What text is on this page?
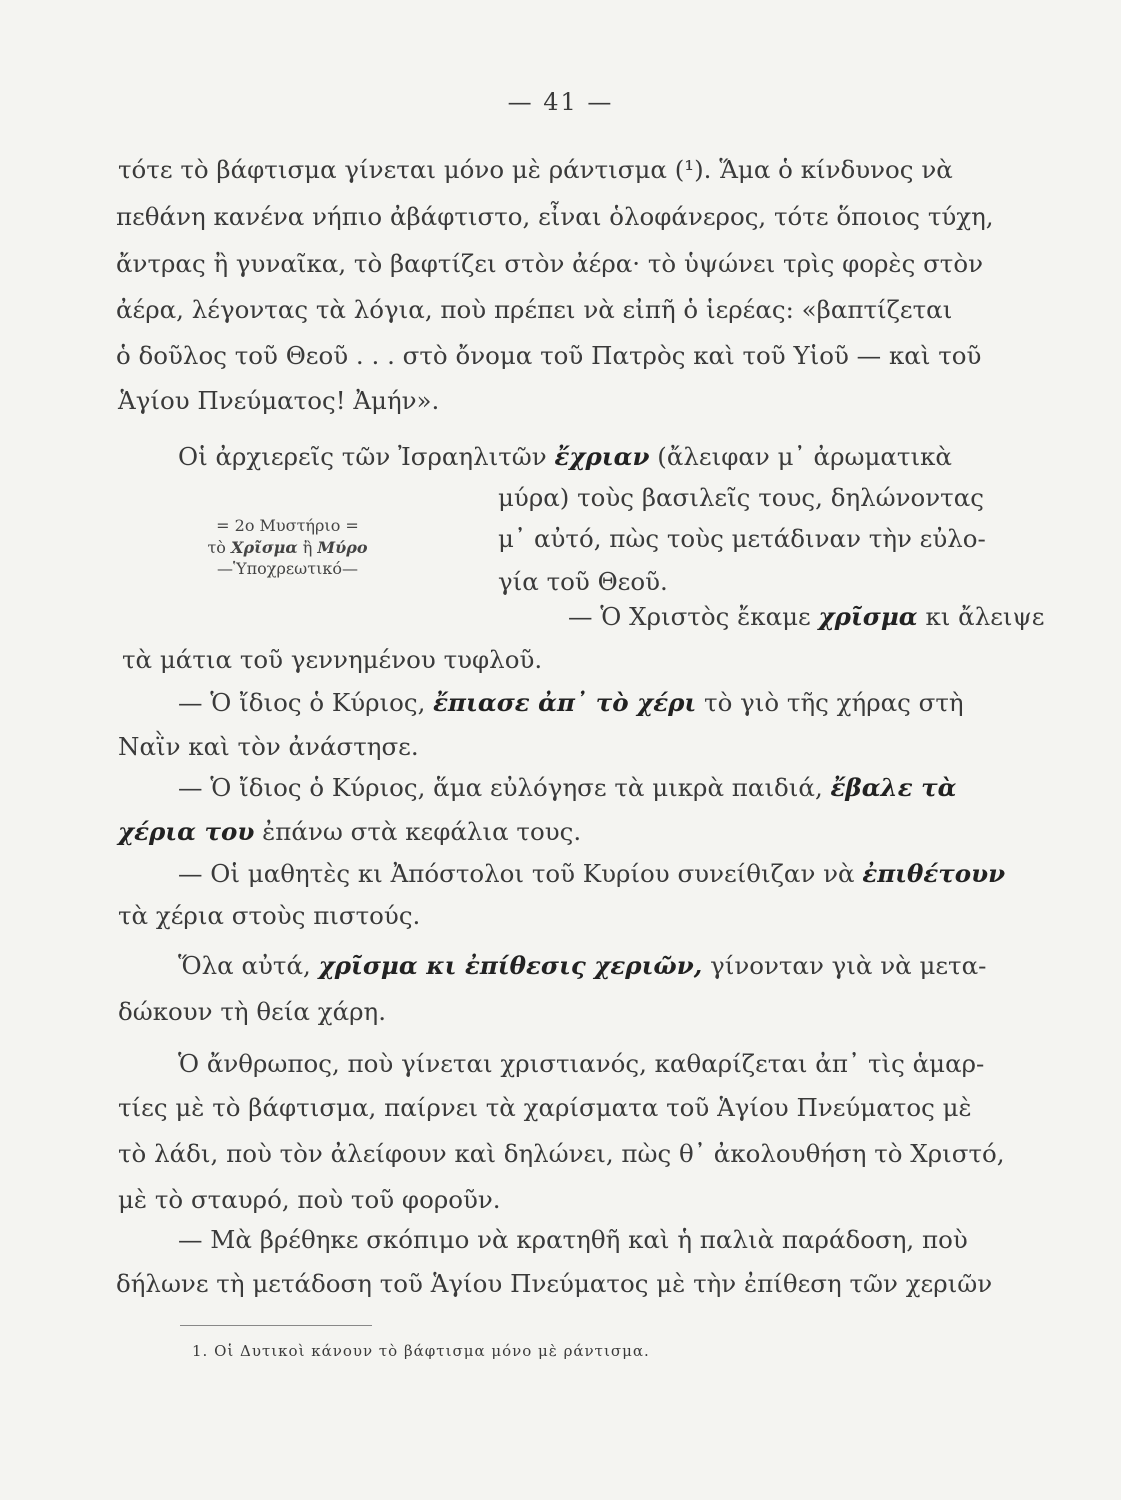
— 41 —
τότε τὸ βάφτισμα γίνεται μόνο μὲ ράντισμα (¹). Ἅμα ὁ κίνδυνος νὰ
πεθάνη κανένα νήπιο ἀβάφτιστο, εἶναι ὁλοφάνερος, τότε ὅποιος τύχη,
ἄντρας ἢ γυναῖκα, τὸ βαφτίζει στὸν ἀέρα· τὸ ὑψώνει τρὶς φορὲς στὸν
ἀέρα, λέγοντας τὰ λόγια, ποὺ πρέπει νὰ εἰπῆ ὁ ἱερέας: «βαπτίζεται
ὁ δοῦλος τοῦ Θεοῦ . . . στὸ ὄνομα τοῦ Πατρὸς καὶ τοῦ Υἱοῦ — καὶ τοῦ
Ἁγίου Πνεύματος! Ἀμήν».
Οἱ ἀρχιερεῖς τῶν Ἰσραηλιτῶν ἔχριαν (ἄλειφαν μ᾿ ἀρωματικὰ
μύρα) τοὺς βασιλεῖς τους, δηλώνοντας
μ᾿ αὐτό, πὼς τοὺς μετάδιναν τὴν εὐλο-
γία τοῦ Θεοῦ.
— Ὁ Χριστὸς ἔκαμε χρῖσμα κι ἄλειψε
τὰ μάτια τοῦ γεννημένου τυφλοῦ.
— Ὁ ἴδιος ὁ Κύριος, ἔπιασε ἀπ᾿ τὸ χέρι τὸ γιὸ τῆς χήρας στὴ
Ναῒν καὶ τὸν ἀνάστησε.
— Ὁ ἴδιος ὁ Κύριος, ἅμα εὐλόγησε τὰ μικρὰ παιδιά, ἔβαλε τὰ
χέρια του ἐπάνω στὰ κεφάλια τους.
— Οἱ μαθητὲς κι Ἀπόστολοι τοῦ Κυρίου συνείθιζαν νὰ ἐπιθέτουν
τὰ χέρια στοὺς πιστούς.
Ὅλα αὐτά, χρῖσμα κι ἐπίθεσις χεριῶν, γίνονταν γιὰ νὰ μετα-
δώκουν τὴ θεία χάρη.
Ὁ ἄνθρωπος, ποὺ γίνεται χριστιανός, καθαρίζεται ἀπ᾿ τὶς ἁμαρ-
τίες μὲ τὸ βάφτισμα, παίρνει τὰ χαρίσματα τοῦ Ἁγίου Πνεύματος μὲ
τὸ λάδι, ποὺ τὸν ἀλείφουν καὶ δηλώνει, πὼς θ᾿ ἀκολουθήση τὸ Χριστό,
μὲ τὸ σταυρό, ποὺ τοῦ φοροῦν.
— Μὰ βρέθηκε σκόπιμο νὰ κρατηθῆ καὶ ἡ παλιὰ παράδοση, ποὺ
δήλωνε τὴ μετάδοση τοῦ Ἁγίου Πνεύματος μὲ τὴν ἐπίθεση τῶν χεριῶν
= 2ο Μυστήριο =
τὸ Χρῖσμα ἢ Μύρο
—Ὑποχρεωτικό—
1. Οἱ Δυτικοὶ κάνουν τὸ βάφτισμα μόνο μὲ ράντισμα.
